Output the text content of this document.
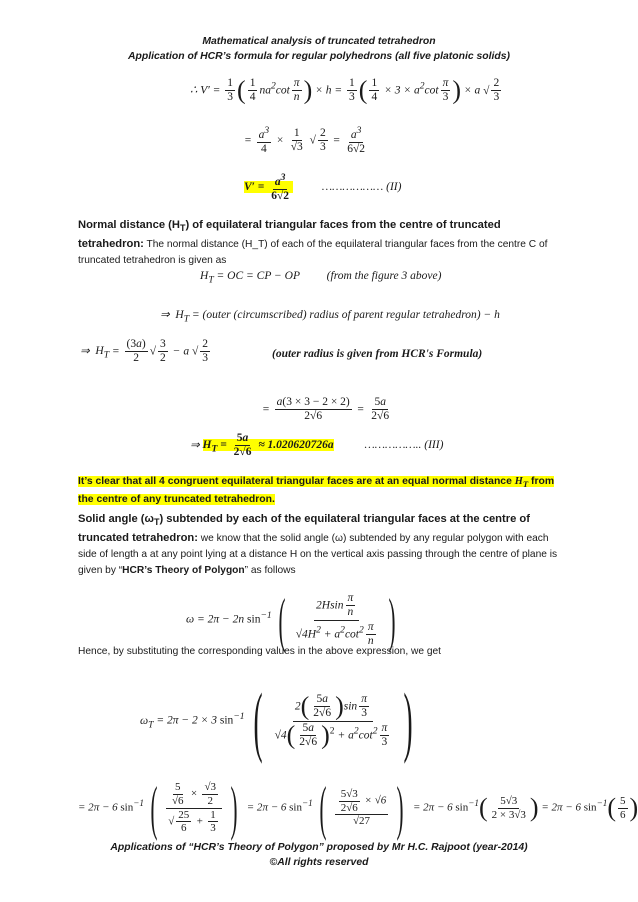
Mathematical analysis of truncated tetrahedron
Application of HCR’s formula for regular polyhedrons (all five platonic solids)
∴ $V' = \frac{1}{3}$ ( $\frac{1}{4} na^2\cot \frac{\pi}{n}$ ) × $h = \frac{1}{3}$ ( $\frac{1}{4} \times 3 \times a^2\cot \frac{\pi}{3}$ ) × a √ $\frac{2}{3}$
= $\frac{a^3}{4} \times \frac{1}{√3}$ √ $\frac{2}{3} = \frac{a^3}{6√2}$
$V' = \frac{a^3}{6√2}$	……………… (II)
Normal distance $(H_T)$ of equilateral triangular faces from the centre of truncated tetrahedron: The normal distance (H_T) of each of the equilateral triangular faces from the centre C of truncated tetrahedron is given as
$H_T$ = OC = CP − OP (from the figure 3 above)
⇒  $H_T$ = (outer (circumscribed) radius of parent regular tetrahedron) − h
⇒  $H_T = \frac{(3a)}{2}$ √ $\frac{3}{2} - a$ √ $\frac{2}{3}$	(outer radius is given from HCR's Formula)
= $\frac{a(3 \times 3 - 2 \times 2)}{2√6} = \frac{5a}{2√6}$
⇒ $H_T = \frac{5a}{2√6} \approx 1.020620726a$	…………….. (III)
It’s clear that all 4 congruent equilateral triangular faces are at an equal normal distance $H_T$ from the centre of any truncated tetrahedron.
Solid angle $(\omega_T)$ subtended by each of the equilateral triangular faces at the centre of truncated tetrahedron: we know that the solid angle (ω) subtended by any regular polygon with each side of length a at any point lying at a distance H on the vertical axis passing through the centre of plane is given by “HCR’s Theory of Polygon” as follows
ω = 2π − 2n $\sin^{-1}$ ( $\frac{2Hsin \frac{\pi}{n}}{√4H^2 + a^2\cot^2 \frac{\pi}{n}}$ )
Hence, by substituting the corresponding values in the above expression, we get
$\omega_T = 2\pi - 2 \times 3$ $\sin^{-1}$ ( $\frac{2( \frac{5a}{2√6} )\sin \frac{\pi}{3}}{√4( \frac{5a}{2√6} )^2 + a^2\cot^2 \frac{\pi}{3}}$ )
= 2π − 6 $\sin^{-1}$ ( $\frac{\frac{5}{√6} \times \frac{√3}{2}}{√ \frac{25}{6} + \frac{1}{3}}$ ) = 2π − 6 $\sin^{-1}$ ( $\frac{\frac{5√3}{2√6} \times √6}{√27}$ ) = 2π − 6 $\sin^{-1}( \frac{5√3}{2 \times 3√3}$ ) = 2π − 6 $\sin^{-1}( \frac{5}{6}$ )
Applications of “HCR’s Theory of Polygon” proposed by Mr H.C. Rajpoot (year-2014)
©All rights reserved
